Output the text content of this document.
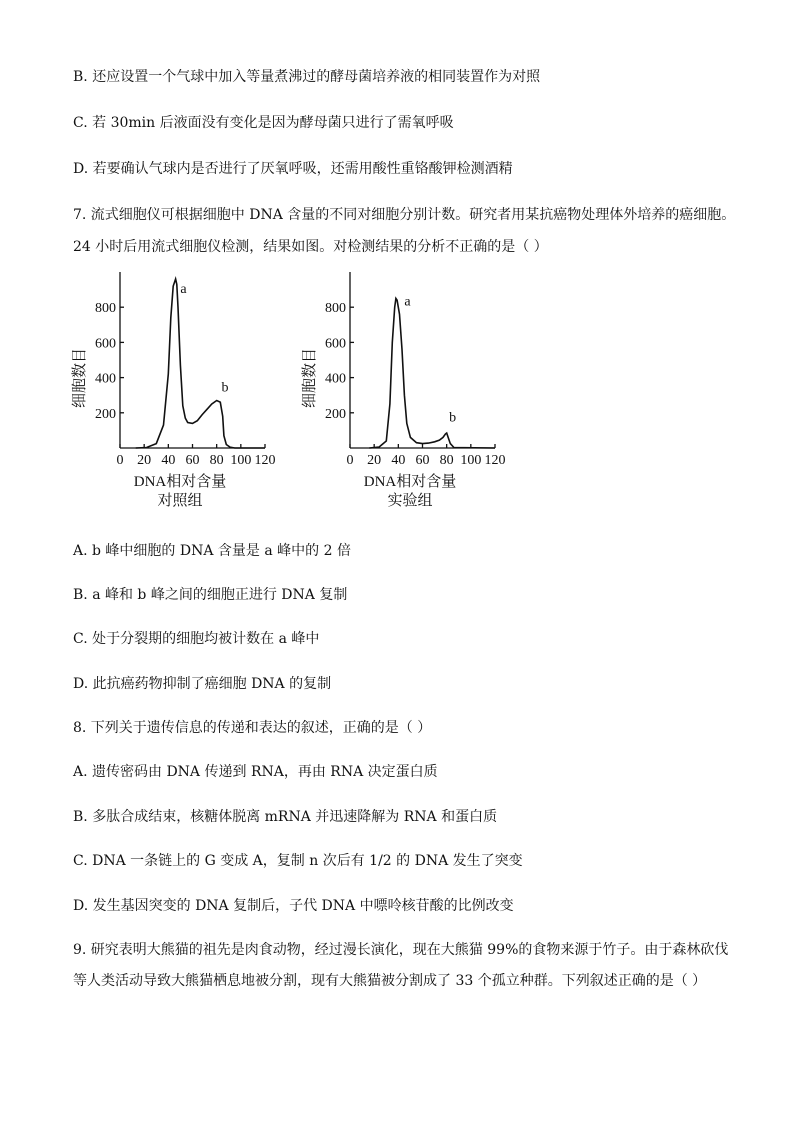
B. 还应设置一个气球中加入等量煮沸过的酵母菌培养液的相同装置作为对照
C. 若 30min 后液面没有变化是因为酵母菌只进行了需氧呼吸
D. 若要确认气球内是否进行了厌氧呼吸，还需用酸性重铬酸钾检测酒精
7. 流式细胞仪可根据细胞中 DNA 含量的不同对细胞分别计数。研究者用某抗癌物处理体外培养的癌细胞。
24 小时后用流式细胞仪检测，结果如图。对检测结果的分析不正确的是（ ）
0 20 40 60 80 100 120
200
400
600
800
a
b
细胞数目
DNA相对含量
对照组
0 20 40 60 80 100 120
200
400
600
800	a
b
细胞数目
DNA相对含量
实验组
A. b 峰中细胞的 DNA 含量是 a 峰中的 2 倍
B. a 峰和 b 峰之间的细胞正进行 DNA 复制
C. 处于分裂期的细胞均被计数在 a 峰中
D. 此抗癌药物抑制了癌细胞 DNA 的复制
8. 下列关于遗传信息的传递和表达的叙述，正确的是（ ）
A. 遗传密码由 DNA 传递到 RNA，再由 RNA 决定蛋白质
B. 多肽合成结束，核糖体脱离 mRNA 并迅速降解为 RNA 和蛋白质
C. DNA 一条链上的 G 变成 A，复制 n 次后有 1/2 的 DNA 发生了突变
D. 发生基因突变的 DNA 复制后，子代 DNA 中嘌呤核苷酸的比例改变
9. 研究表明大熊猫的祖先是肉食动物，经过漫长演化，现在大熊猫 99%的食物来源于竹子。由于森林砍伐
等人类活动导致大熊猫栖息地被分割，现有大熊猫被分割成了 33 个孤立种群。下列叙述正确的是（ ）
